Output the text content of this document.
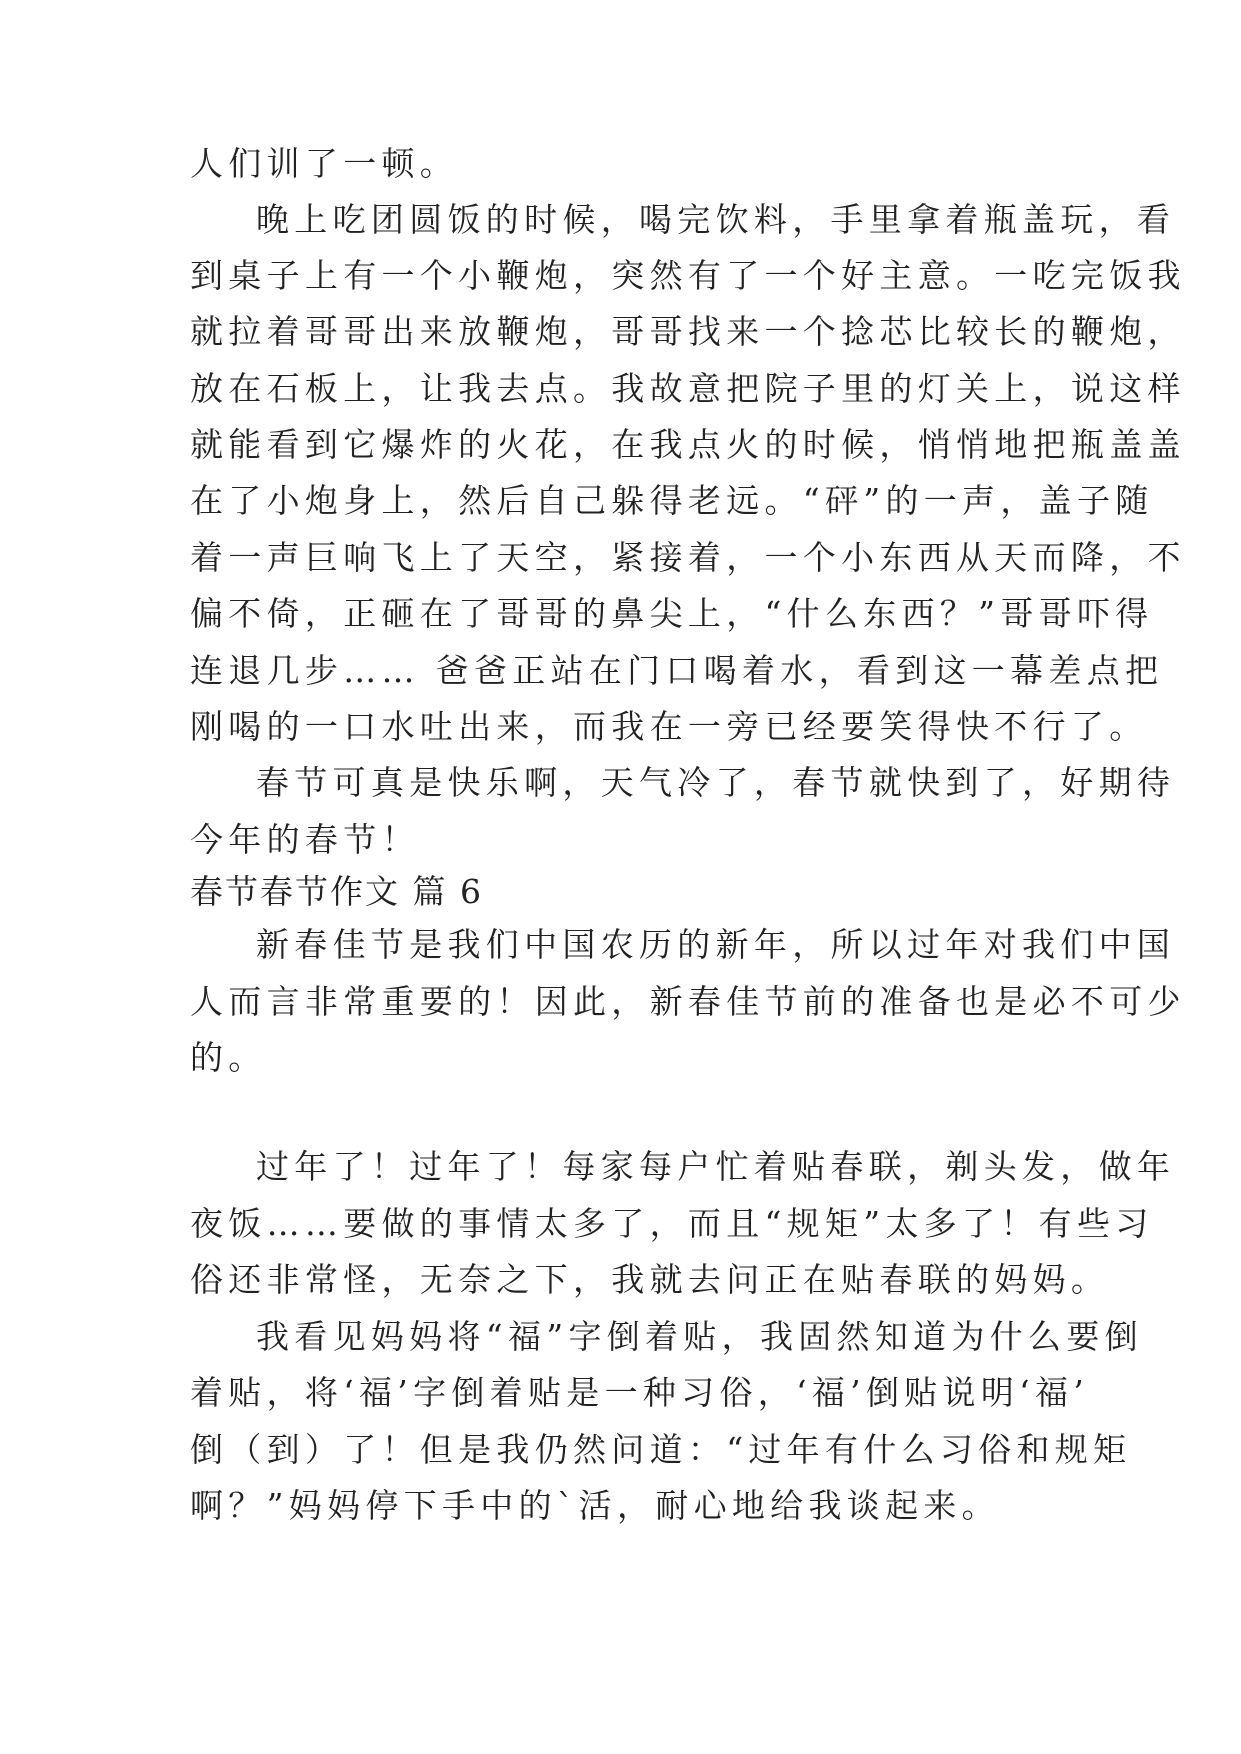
人们训了一顿。
晚上吃团圆饭的时候，喝完饮料，手里拿着瓶盖玩，看
到桌子上有一个小鞭炮，突然有了一个好主意。一吃完饭我
就拉着哥哥出来放鞭炮，哥哥找来一个捻芯比较长的鞭炮，
放在石板上，让我去点。我故意把院子里的灯关上，说这样
就能看到它爆炸的火花，在我点火的时候，悄悄地把瓶盖盖
在了小炮身上，然后自己躲得老远。“砰”的一声，盖子随
着一声巨响飞上了天空，紧接着，一个小东西从天而降，不
偏不倚，正砸在了哥哥的鼻尖上，“什么东西？”哥哥吓得
连退几步…… 爸爸正站在门口喝着水，看到这一幕差点把
刚喝的一口水吐出来，而我在一旁已经要笑得快不行了。
春节可真是快乐啊，天气冷了，春节就快到了，好期待
今年的春节！
春节春节作文 篇 6
新春佳节是我们中国农历的新年，所以过年对我们中国
人而言非常重要的！因此，新春佳节前的准备也是必不可少
的。
过年了！过年了！每家每户忙着贴春联，剃头发，做年
夜饭……要做的事情太多了，而且“规矩”太多了！有些习
俗还非常怪，无奈之下，我就去问正在贴春联的妈妈。
我看见妈妈将“福”字倒着贴，我固然知道为什么要倒
着贴，将‘福’字倒着贴是一种习俗，‘福’倒贴说明‘福’
倒（到）了！但是我仍然问道：“过年有什么习俗和规矩
啊？”妈妈停下手中的`活，耐心地给我谈起来。
